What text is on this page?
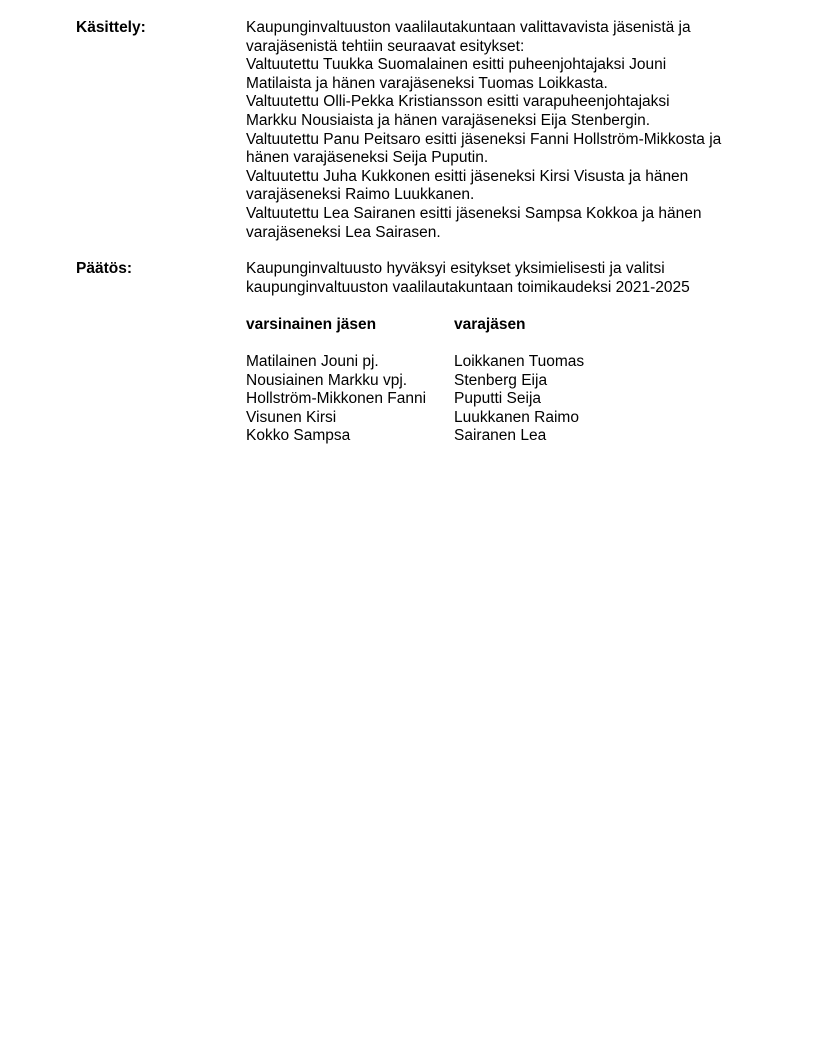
Käsittely:	Kaupunginvaltuuston vaalilautakuntaan valittavavista jäsenistä ja
varajäsenistä tehtiin seuraavat esitykset:
Valtuutettu Tuukka Suomalainen esitti puheenjohtajaksi Jouni
Matilaista ja hänen varajäseneksi Tuomas Loikkasta.
Valtuutettu Olli-Pekka Kristiansson esitti varapuheenjohtajaksi
Markku Nousiaista ja hänen varajäseneksi Eija Stenbergin.
Valtuutettu Panu Peitsaro esitti jäseneksi Fanni Hollström-Mikkosta ja
hänen varajäseneksi Seija Puputin.
Valtuutettu Juha Kukkonen esitti jäseneksi Kirsi Visusta ja hänen
varajäseneksi Raimo Luukkanen.
Valtuutettu Lea Sairanen esitti jäseneksi Sampsa Kokkoa ja hänen
varajäseneksi Lea Sairasen.
Päätös:	Kaupunginvaltuusto hyväksyi esitykset yksimielisesti ja valitsi
kaupunginvaltuuston vaalilautakuntaan toimikaudeksi 2021-2025
varsinainen jäsen	varajäsen

Matilainen Jouni pj.	Loikkanen Tuomas
Nousiainen Markku vpj.	Stenberg Eija
Hollström-Mikkonen Fanni	Puputti Seija
Visunen Kirsi	Luukkanen Raimo
Kokko Sampsa	Sairanen Lea
